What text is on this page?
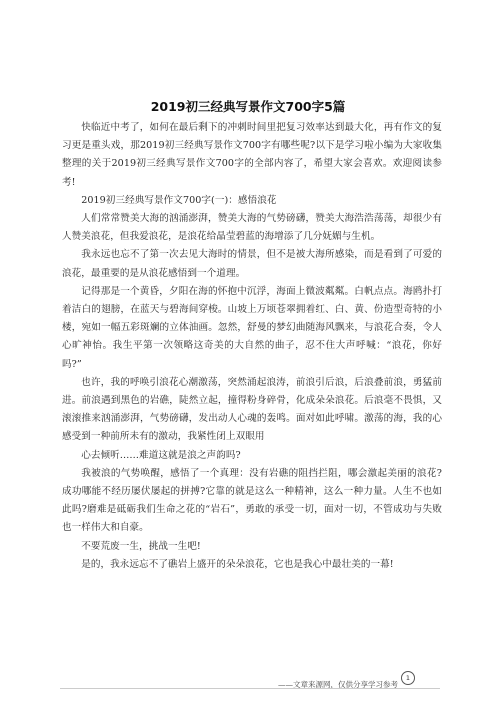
2019初三经典写景作文700字5篇

快临近中考了，如何在最后剩下的冲刺时间里把复习效率达到最大化，再有作文的复习更是重头戏，那2019初三经典写景作文700字有哪些呢?以下是学习啦小编为大家收集整理的关于2019初三经典写景作文700字的全部内容了，希望大家会喜欢。欢迎阅读参考!

2019初三经典写景作文700字(一)：感悟浪花

人们常常赞美大海的汹涌澎湃，赞美大海的气势磅礴，赞美大海浩浩荡荡，却很少有人赞美浪花，但我爱浪花，是浪花给晶莹碧蓝的海增添了几分妩媚与生机。

我永远也忘不了第一次去见大海时的情景，但不是被大海所感染，而是看到了可爱的浪花，最重要的是从浪花感悟到一个道理。

记得那是一个黄昏，夕阳在海的怀抱中沉浮，海面上微波粼粼。白帆点点。海鸥扑打着洁白的翅膀，在蓝天与碧海间穿梭。山坡上万顷苍翠拥着红、白、黄、份造型奇特的小楼，宛如一幅五彩斑斓的立体油画。忽然，舒曼的梦幻曲随海风飘来，与浪花合奏，令人心旷神怡。我生平第一次领略这奇美的大自然的曲子，忍不住大声呼喊：“浪花，你好吗?”

也许，我的呼唤引浪花心潮激荡，突然涌起浪涛，前浪引后浪，后浪叠前浪，勇猛前进。前浪遇到黑色的岩礁，陡然立起，撞得粉身碎骨，化成朵朵浪花。后浪毫不畏惧，又滚滚推来汹涌澎湃，气势磅礴，发出动人心魂的轰鸣。面对如此呼啸。激荡的海，我的心感受到一种前所未有的激动，我紧性闭上双眼用

心去倾听……难道这就是浪之声韵吗?

我被浪的气势唤醒，感悟了一个真理：没有岩礁的阻挡拦阻，哪会激起美丽的浪花?成功哪能不经历屡伏屡起的拼搏?它靠的就是这么一种精神，这么一种力量。人生不也如此吗?磨难是砥砺我们生命之花的“岩石”，勇敢的承受一切，面对一切，不管成功与失败也一样伟大和自豪。

不要荒废一生，挑战一生吧!

是的，我永远忘不了礁岩上盛开的朵朵浪花，它也是我心中最壮美的一幕!

1
——文章来源网，仅供分享学习参考
